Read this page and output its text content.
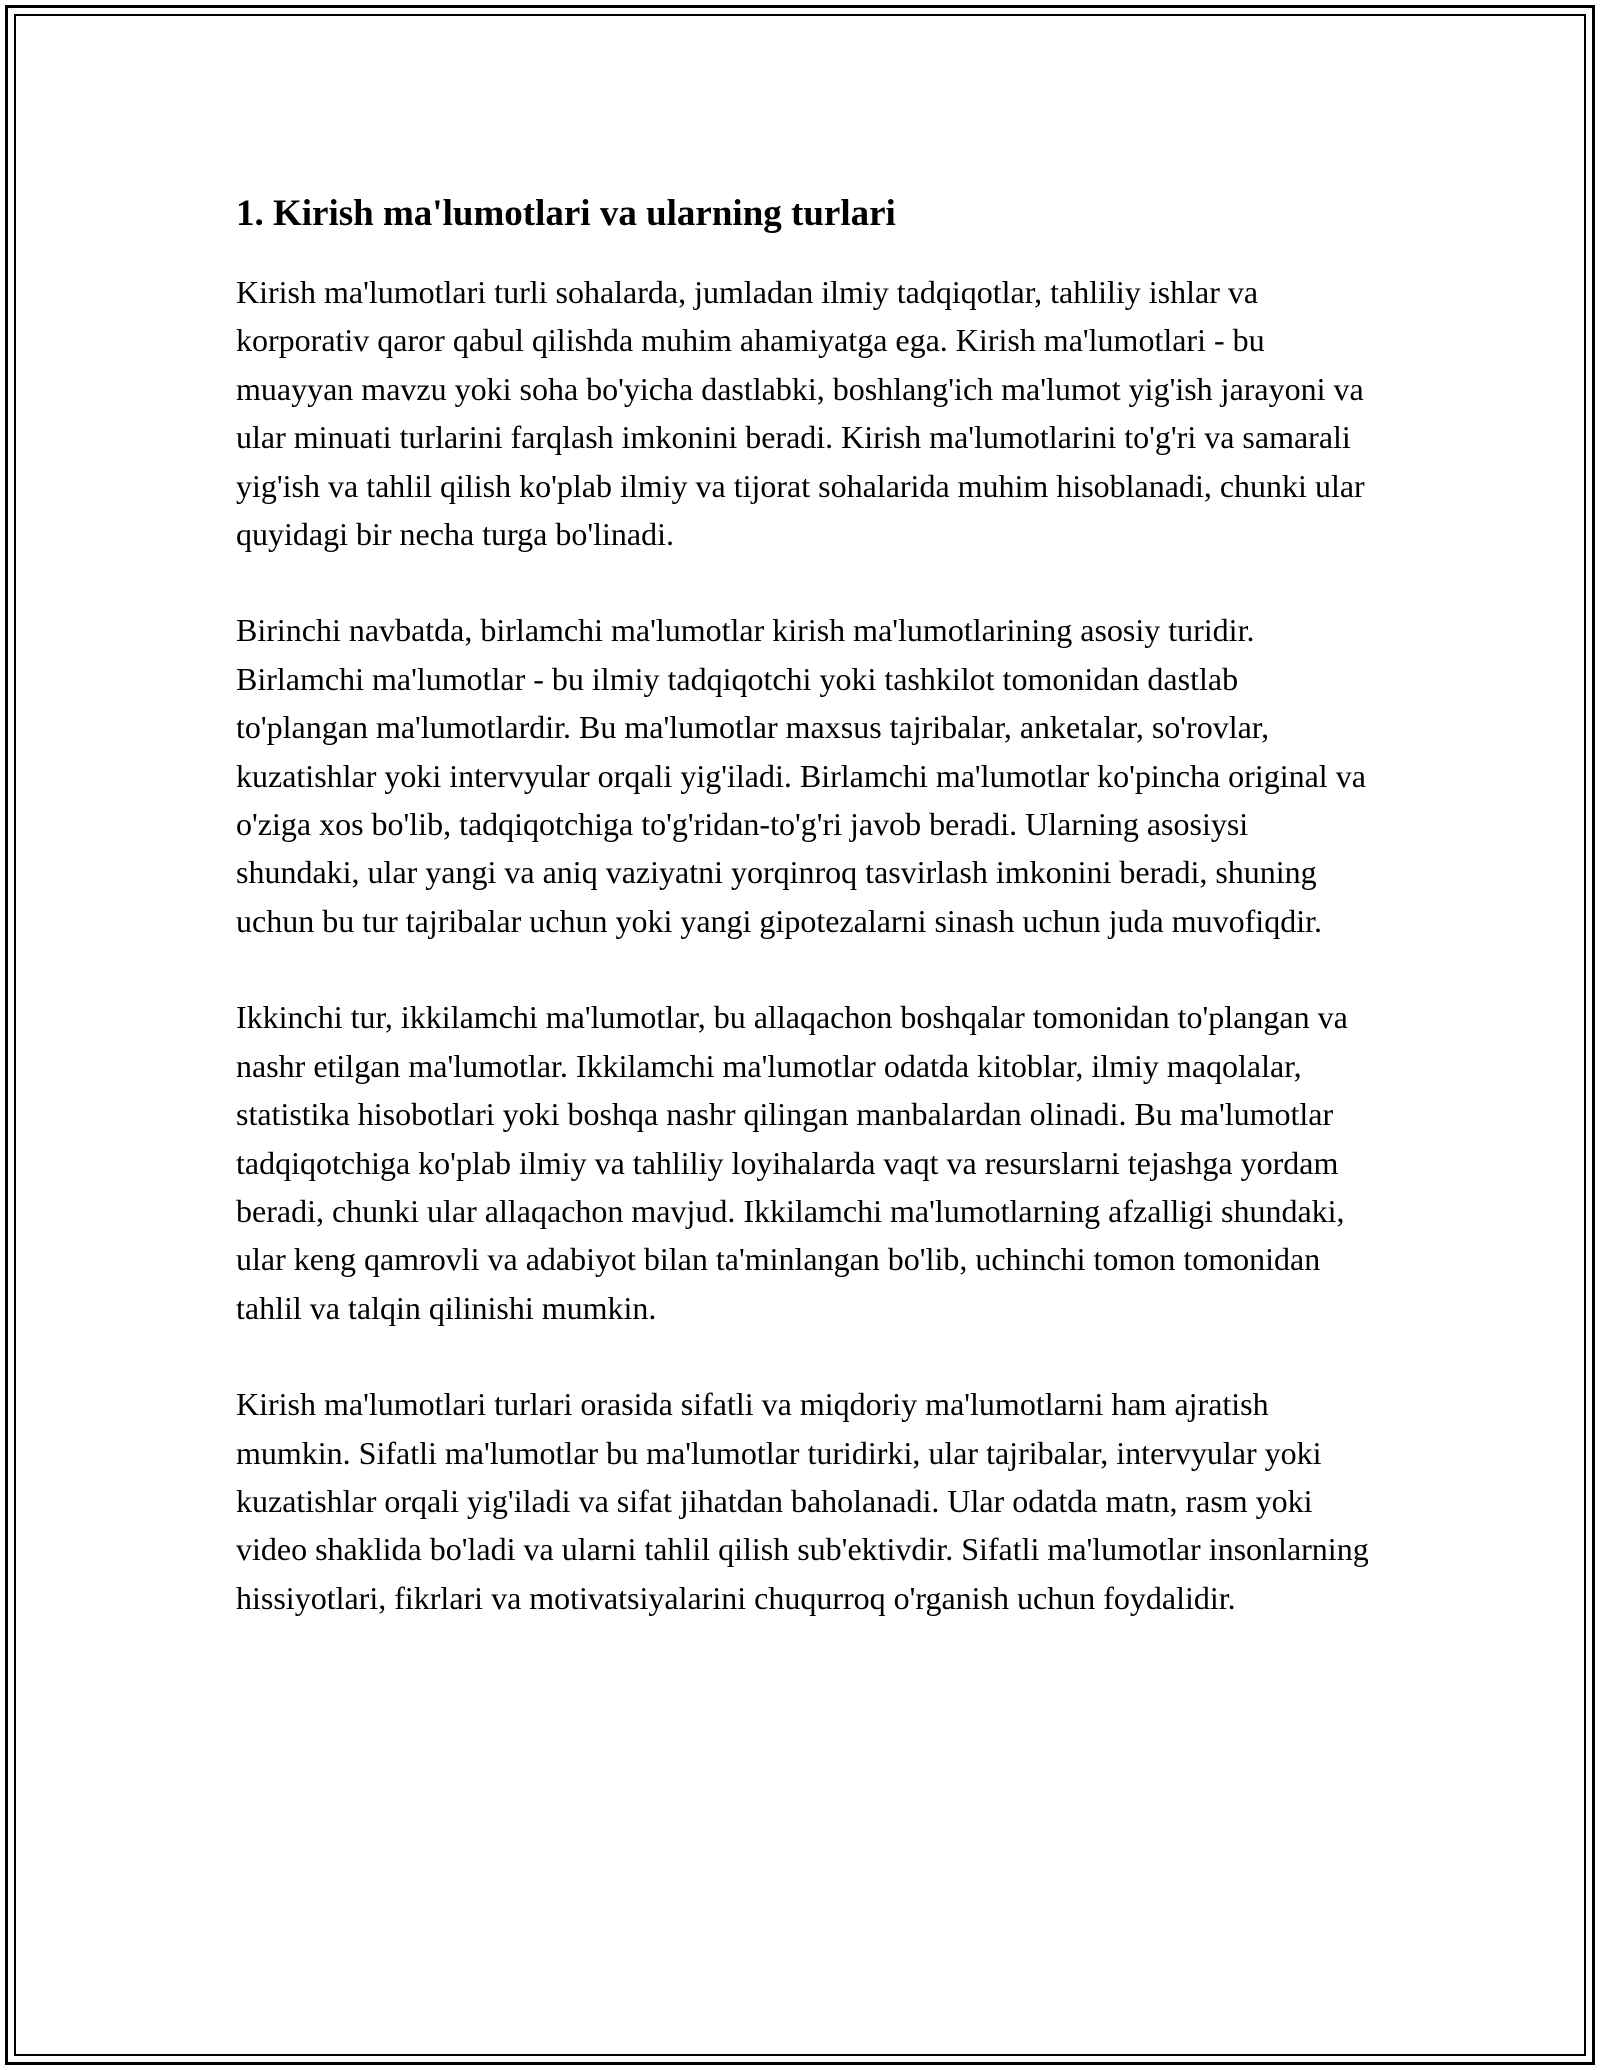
1. Kirish ma'lumotlari va ularning turlari

Kirish ma'lumotlari turli sohalarda, jumladan ilmiy tadqiqotlar, tahliliy ishlar va korporativ qaror qabul qilishda muhim ahamiyatga ega. Kirish ma'lumotlari - bu muayyan mavzu yoki soha bo'yicha dastlabki, boshlang'ich ma'lumot yig'ish jarayoni va ular minuati turlarini farqlash imkonini beradi. Kirish ma'lumotlarini to'g'ri va samarali yig'ish va tahlil qilish ko'plab ilmiy va tijorat sohalarida muhim hisoblanadi, chunki ular quyidagi bir necha turga bo'linadi.

Birinchi navbatda, birlamchi ma'lumotlar kirish ma'lumotlarining asosiy turidir. Birlamchi ma'lumotlar - bu ilmiy tadqiqotchi yoki tashkilot tomonidan dastlab to'plangan ma'lumotlardir. Bu ma'lumotlar maxsus tajribalar, anketalar, so'rovlar, kuzatishlar yoki intervyular orqali yig'iladi. Birlamchi ma'lumotlar ko'pincha original va o'ziga xos bo'lib, tadqiqotchiga to'g'ridan-to'g'ri javob beradi. Ularning asosiysi shundaki, ular yangi va aniq vaziyatni yorqinroq tasvirlash imkonini beradi, shuning uchun bu tur tajribalar uchun yoki yangi gipotezalarni sinash uchun juda muvofiqdir.

Ikkinchi tur, ikkilamchi ma'lumotlar, bu allaqachon boshqalar tomonidan to'plangan va nashr etilgan ma'lumotlar. Ikkilamchi ma'lumotlar odatda kitoblar, ilmiy maqolalar, statistika hisobotlari yoki boshqa nashr qilingan manbalardan olinadi. Bu ma'lumotlar tadqiqotchiga ko'plab ilmiy va tahliliy loyihalarda vaqt va resurslarni tejashga yordam beradi, chunki ular allaqachon mavjud. Ikkilamchi ma'lumotlarning afzalligi shundaki, ular keng qamrovli va adabiyot bilan ta'minlangan bo'lib, uchinchi tomon tomonidan tahlil va talqin qilinishi mumkin.

Kirish ma'lumotlari turlari orasida sifatli va miqdoriy ma'lumotlarni ham ajratish mumkin. Sifatli ma'lumotlar bu ma'lumotlar turidirki, ular tajribalar, intervyular yoki kuzatishlar orqali yig'iladi va sifat jihatdan baholanadi. Ular odatda matn, rasm yoki video shaklida bo'ladi va ularni tahlil qilish sub'ektivdir. Sifatli ma'lumotlar insonlarning hissiyotlari, fikrlari va motivatsiyalarini chuqurroq o'rganish uchun foydalidir.
